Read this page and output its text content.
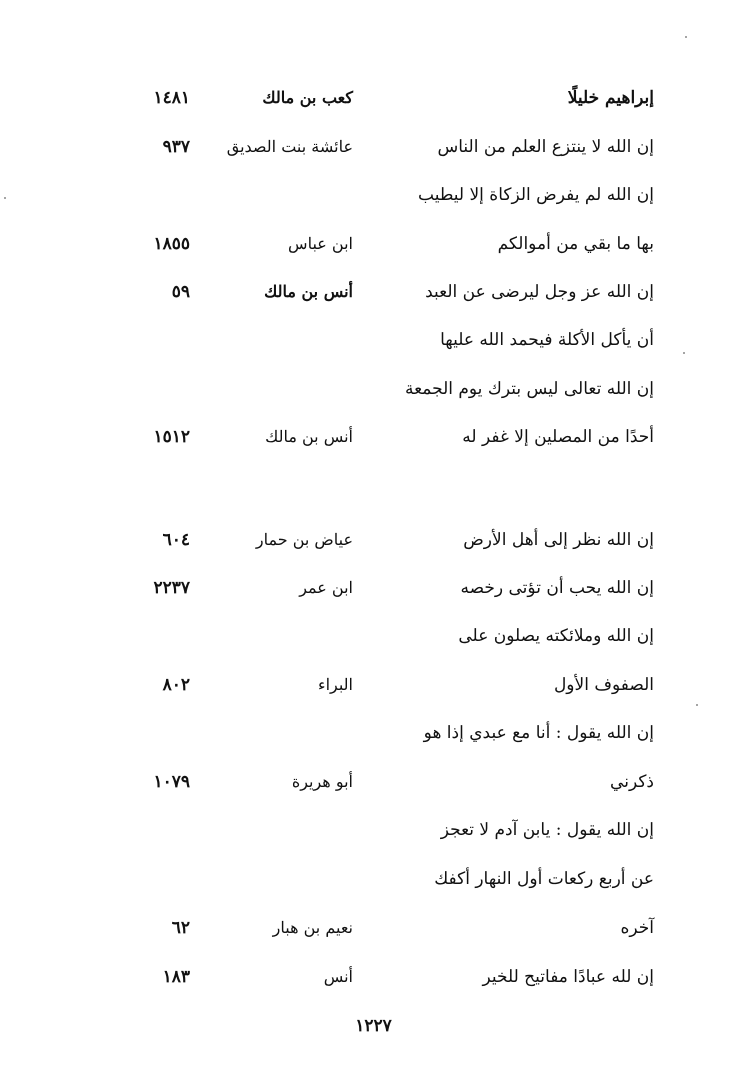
إبراهيم خليلًا
كعب بن مالك
١٤٨١
إن الله لا ينتزع العلم من الناس
عائشة بنت الصديق
٩٣٧
إن الله لم يفرض الزكاة إلا ليطيب
بها ما بقي من أموالكم
ابن عباس
١٨٥٥
إن الله عز وجل ليرضى عن العبد
أنس بن مالك
٥٩
أن يأكل الأكلة فيحمد الله عليها
إن الله تعالى ليس بترك يوم الجمعة
أحدًا من المصلين إلا غفر له
أنس بن مالك
١٥١٢
إن الله نظر إلى أهل الأرض
عياض بن حمار
٦٠٤
إن الله يحب أن تؤتى رخصه
ابن عمر
٢٢٣٧
إن الله وملائكته يصلون على
الصفوف الأول
البراء
٨٠٢
إن الله يقول : أنا مع عبدي إذا هو
ذكرني
أبو هريرة
١٠٧٩
إن الله يقول : يابن آدم لا تعجز
عن أربع ركعات أول النهار أكفك
آخره
نعيم بن هبار
٦٢
إن لله عبادًا مفاتيح للخير
أنس
١٨٣
١٢٢٧
